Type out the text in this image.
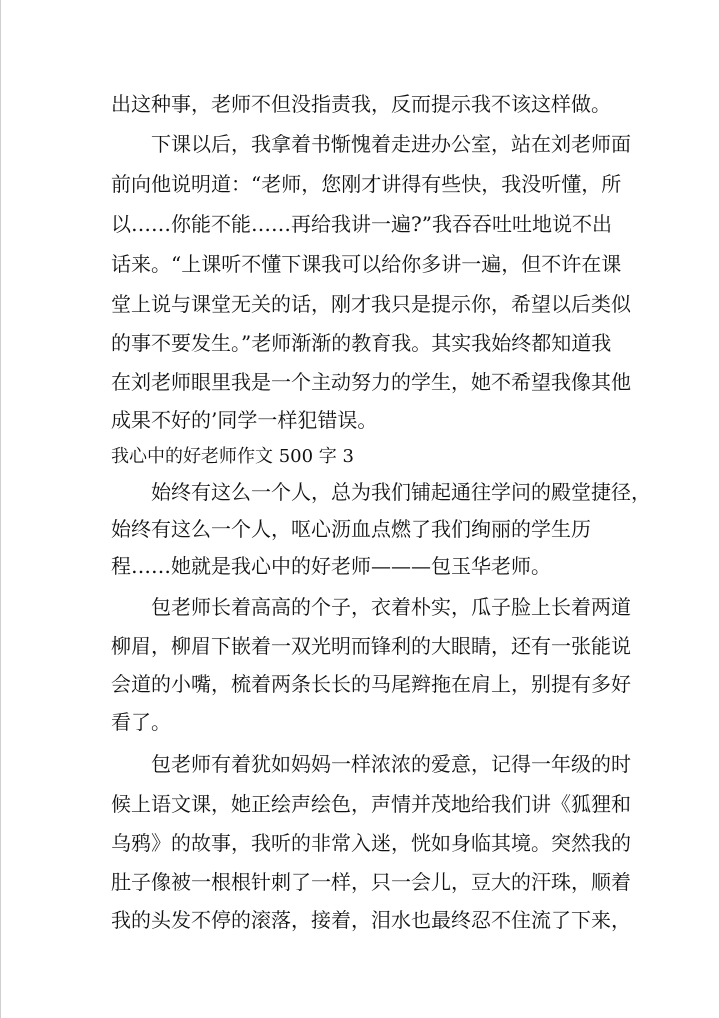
出这种事，老师不但没指责我，反而提示我不该这样做。
　　下课以后，我拿着书惭愧着走进办公室，站在刘老师面
前向他说明道：“老师，您刚才讲得有些快，我没听懂，所
以……你能不能……再给我讲一遍?”我吞吞吐吐地说不出
话来。“上课听不懂下课我可以给你多讲一遍，但不许在课
堂上说与课堂无关的话，刚才我只是提示你，希望以后类似
的事不要发生。”老师渐渐的教育我。其实我始终都知道我
在刘老师眼里我是一个主动努力的学生，她不希望我像其他
成果不好的’同学一样犯错误。
我心中的好老师作文 500 字 3
　　始终有这么一个人，总为我们铺起通往学问的殿堂捷径，
始终有这么一个人，呕心沥血点燃了我们绚丽的学生历
程……她就是我心中的好老师———包玉华老师。
　　包老师长着高高的个子，衣着朴实，瓜子脸上长着两道
柳眉，柳眉下嵌着一双光明而锋利的大眼睛，还有一张能说
会道的小嘴，梳着两条长长的马尾辫拖在肩上，别提有多好
看了。
　　包老师有着犹如妈妈一样浓浓的爱意，记得一年级的时
候上语文课，她正绘声绘色，声情并茂地给我们讲《狐狸和
乌鸦》的故事，我听的非常入迷，恍如身临其境。突然我的
肚子像被一根根针刺了一样，只一会儿，豆大的汗珠，顺着
我的头发不停的滚落，接着，泪水也最终忍不住流了下来，
